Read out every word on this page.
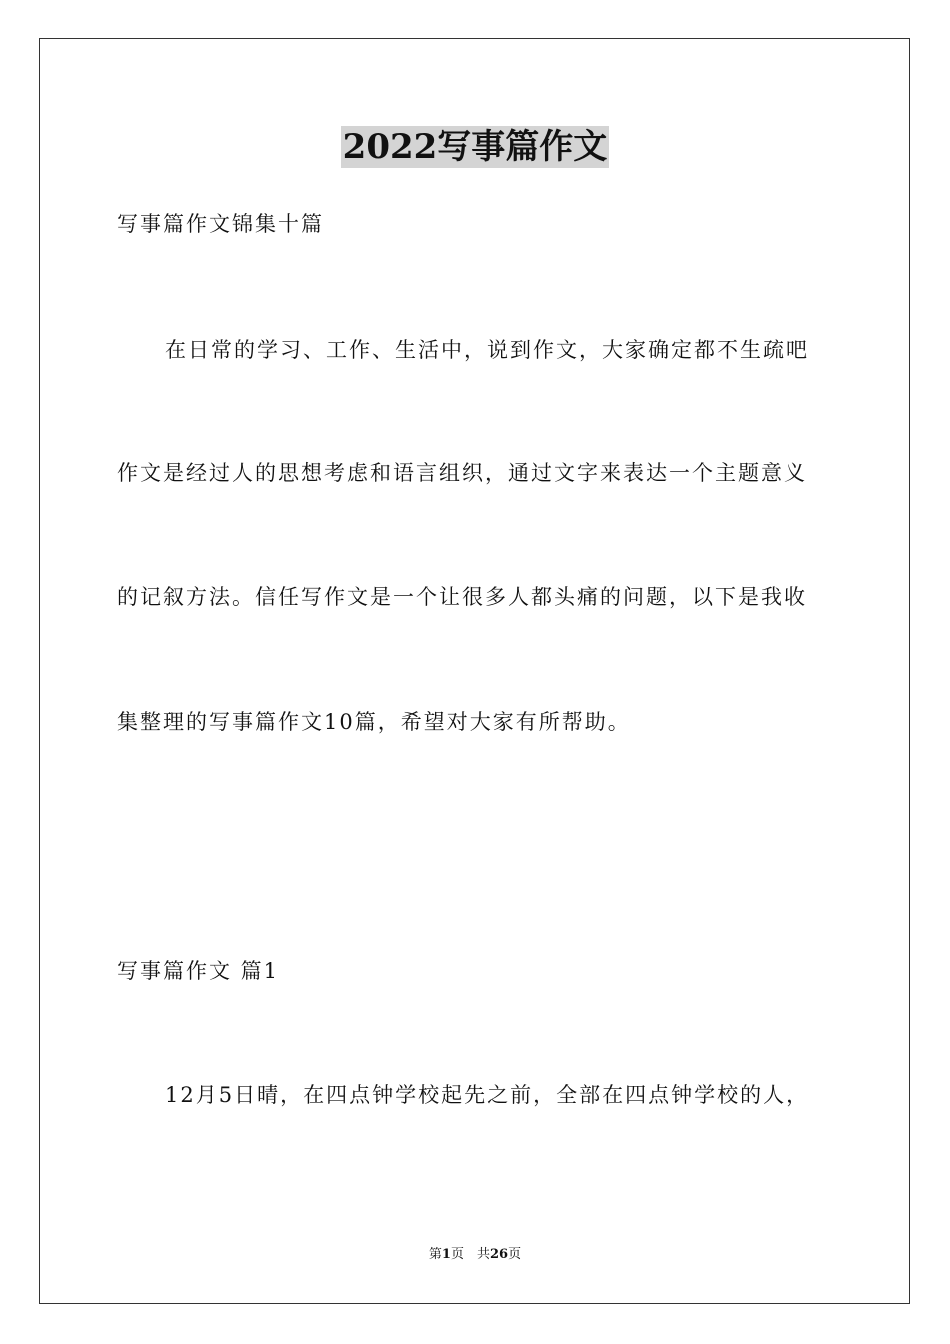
2022写事篇作文
写事篇作文锦集十篇
在日常的学习、工作、生活中，说到作文，大家确定都不生疏吧
作文是经过人的思想考虑和语言组织，通过文字来表达一个主题意义
的记叙方法。信任写作文是一个让很多人都头痛的问题，以下是我收
集整理的写事篇作文10篇，希望对大家有所帮助。
写事篇作文 篇1
12月5日晴，在四点钟学校起先之前，全部在四点钟学校的人，
第1页　共26页
